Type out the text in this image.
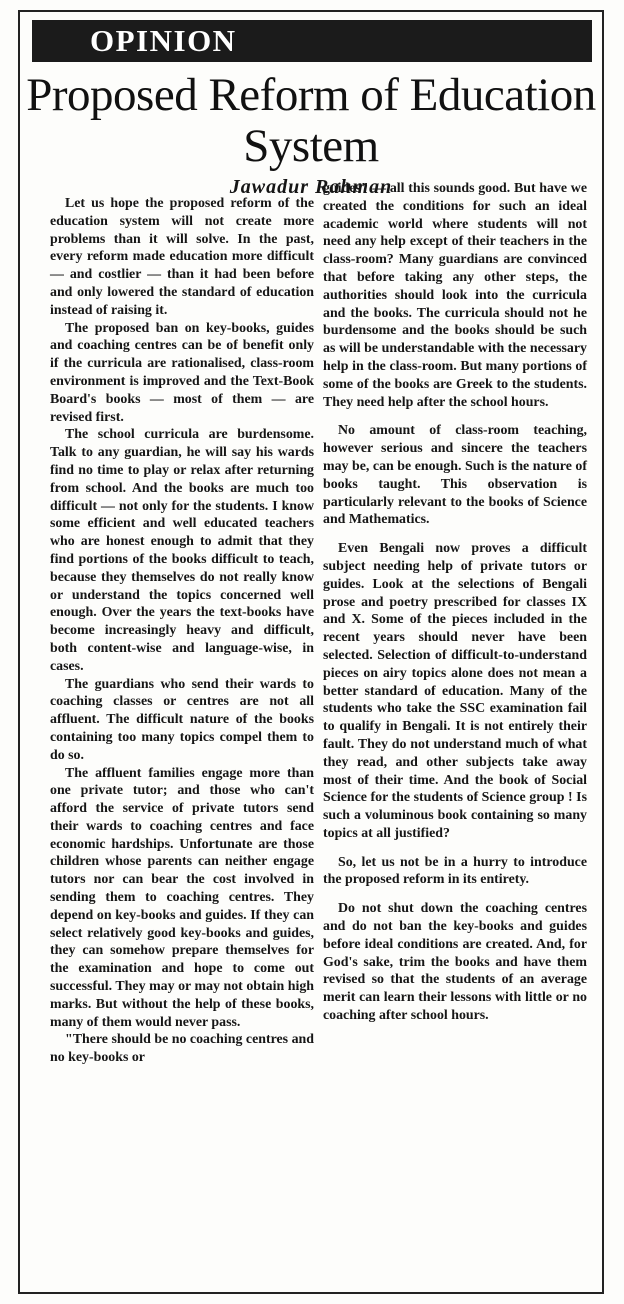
OPINION
Proposed Reform of Education System
Jawadur Rahman

Let us hope the proposed reform of the education system will not create more problems than it will solve. In the past, every reform made education more difficult — and costlier — than it had been before and only lowered the standard of education instead of raising it.

The proposed ban on key-books, guides and coaching centres can be of benefit only if the curricula are rationalised, class-room environment is improved and the Text-Book Board's books — most of them — are revised first.

The school curricula are burdensome. Talk to any guardian, he will say his wards find no time to play or relax after returning from school. And the books are much too difficult — not only for the students. I know some efficient and well educated teachers who are honest enough to admit that they find portions of the books difficult to teach, because they themselves do not really know or understand the topics concerned well enough. Over the years the text-books have become increasingly heavy and difficult, both content-wise and language-wise, in cases.

The guardians who send their wards to coaching classes or centres are not all affluent. The difficult nature of the books containing too many topics compel them to do so.

The affluent families engage more than one private tutor; and those who can't afford the service of private tutors send their wards to coaching centres and face economic hardships. Unfortunate are those children whose parents can neither engage tutors nor can bear the cost involved in sending them to coaching centres. They depend on key-books and guides. If they can select relatively good key-books and guides, they can somehow prepare themselves for the examination and hope to come out successful. They may or may not obtain high marks. But without the help of these books, many of them would never pass.

"There should be no coaching centres and no key-books or

guides" — all this sounds good. But have we created the conditions for such an ideal academic world where students will not need any help except of their teachers in the class-room? Many guardians are convinced that before taking any other steps, the authorities should look into the curricula and the books. The curricula should not he burdensome and the books should be such as will be understandable with the necessary help in the class-room. But many portions of some of the books are Greek to the students. They need help after the school hours.

No amount of class-room teaching, however serious and sincere the teachers may be, can be enough. Such is the nature of books taught. This observation is particularly relevant to the books of Science and Mathematics.

Even Bengali now proves a difficult subject needing help of private tutors or guides. Look at the selections of Bengali prose and poetry prescribed for classes IX and X. Some of the pieces included in the recent years should never have been selected. Selection of difficult-to-understand pieces on airy topics alone does not mean a better standard of education. Many of the students who take the SSC examination fail to qualify in Bengali. It is not entirely their fault. They do not understand much of what they read, and other subjects take away most of their time. And the book of Social Science for the students of Science group ! Is such a voluminous book containing so many topics at all justified?

So, let us not be in a hurry to introduce the proposed reform in its entirety.

Do not shut down the coaching centres and do not ban the key-books and guides before ideal conditions are created. And, for God's sake, trim the books and have them revised so that the students of an average merit can learn their lessons with little or no coaching after school hours.
